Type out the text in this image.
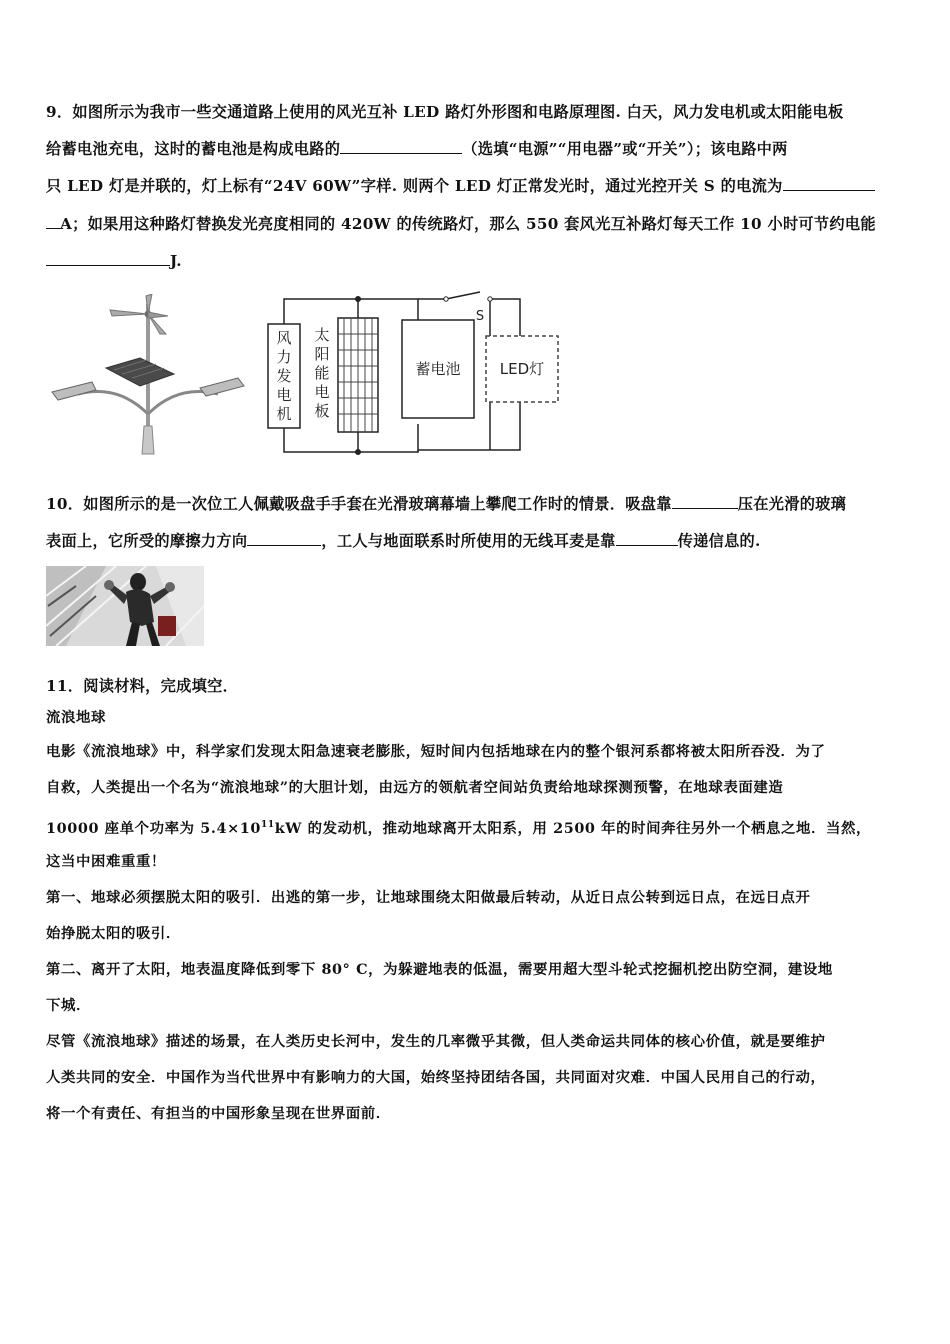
9．如图所示为我市一些交通道路上使用的风光互补 LED 路灯外形图和电路原理图. 白天，风力发电机或太阳能电板
给蓄电池充电，这时的蓄电池是构成电路的	（选填“电源”“用电器”或“开关”）；该电路中两
只 LED 灯是并联的，灯上标有“24V 60W”字样. 则两个 LED 灯正常发光时，通过光控开关 S 的电流为
A；如果用这种路灯替换发光亮度相同的 420W 的传统路灯，那么 550 套风光互补路灯每天工作 10 小时可节约电能
J.
风
力
发
电
机
太
阳
能
电
板
蓄电池	LED灯
S
10．如图所示的是一次位工人佩戴吸盘手手套在光滑玻璃幕墙上攀爬工作时的情景．吸盘靠	压在光滑的玻璃
表面上，它所受的摩擦力方向	，工人与地面联系时所使用的无线耳麦是靠	传递信息的.
11．阅读材料，完成填空．
流浪地球
电影《流浪地球》中，科学家们发现太阳急速衰老膨胀，短时间内包括地球在内的整个银河系都将被太阳所吞没．为了
自救，人类提出一个名为“流浪地球”的大胆计划，由远方的领航者空间站负责给地球探测预警，在地球表面建造
10000 座单个功率为 $5.4\times 10^{11}kW$ 的发动机，推动地球离开太阳系，用 2500 年的时间奔往另外一个栖息之地．当然，
这当中困难重重！
第一、地球必须摆脱太阳的吸引．出逃的第一步，让地球围绕太阳做最后转动，从近日点公转到远日点，在远日点开
始挣脱太阳的吸引．
第二、离开了太阳，地表温度降低到零下 80° C，为躲避地表的低温，需要用超大型斗轮式挖掘机挖出防空洞，建设地
下城．
尽管《流浪地球》描述的场景，在人类历史长河中，发生的几率微乎其微，但人类命运共同体的核心价值，就是要维护
人类共同的安全．中国作为当代世界中有影响力的大国，始终坚持团结各国，共同面对灾难．中国人民用自己的行动，
将一个有责任、有担当的中国形象呈现在世界面前．
